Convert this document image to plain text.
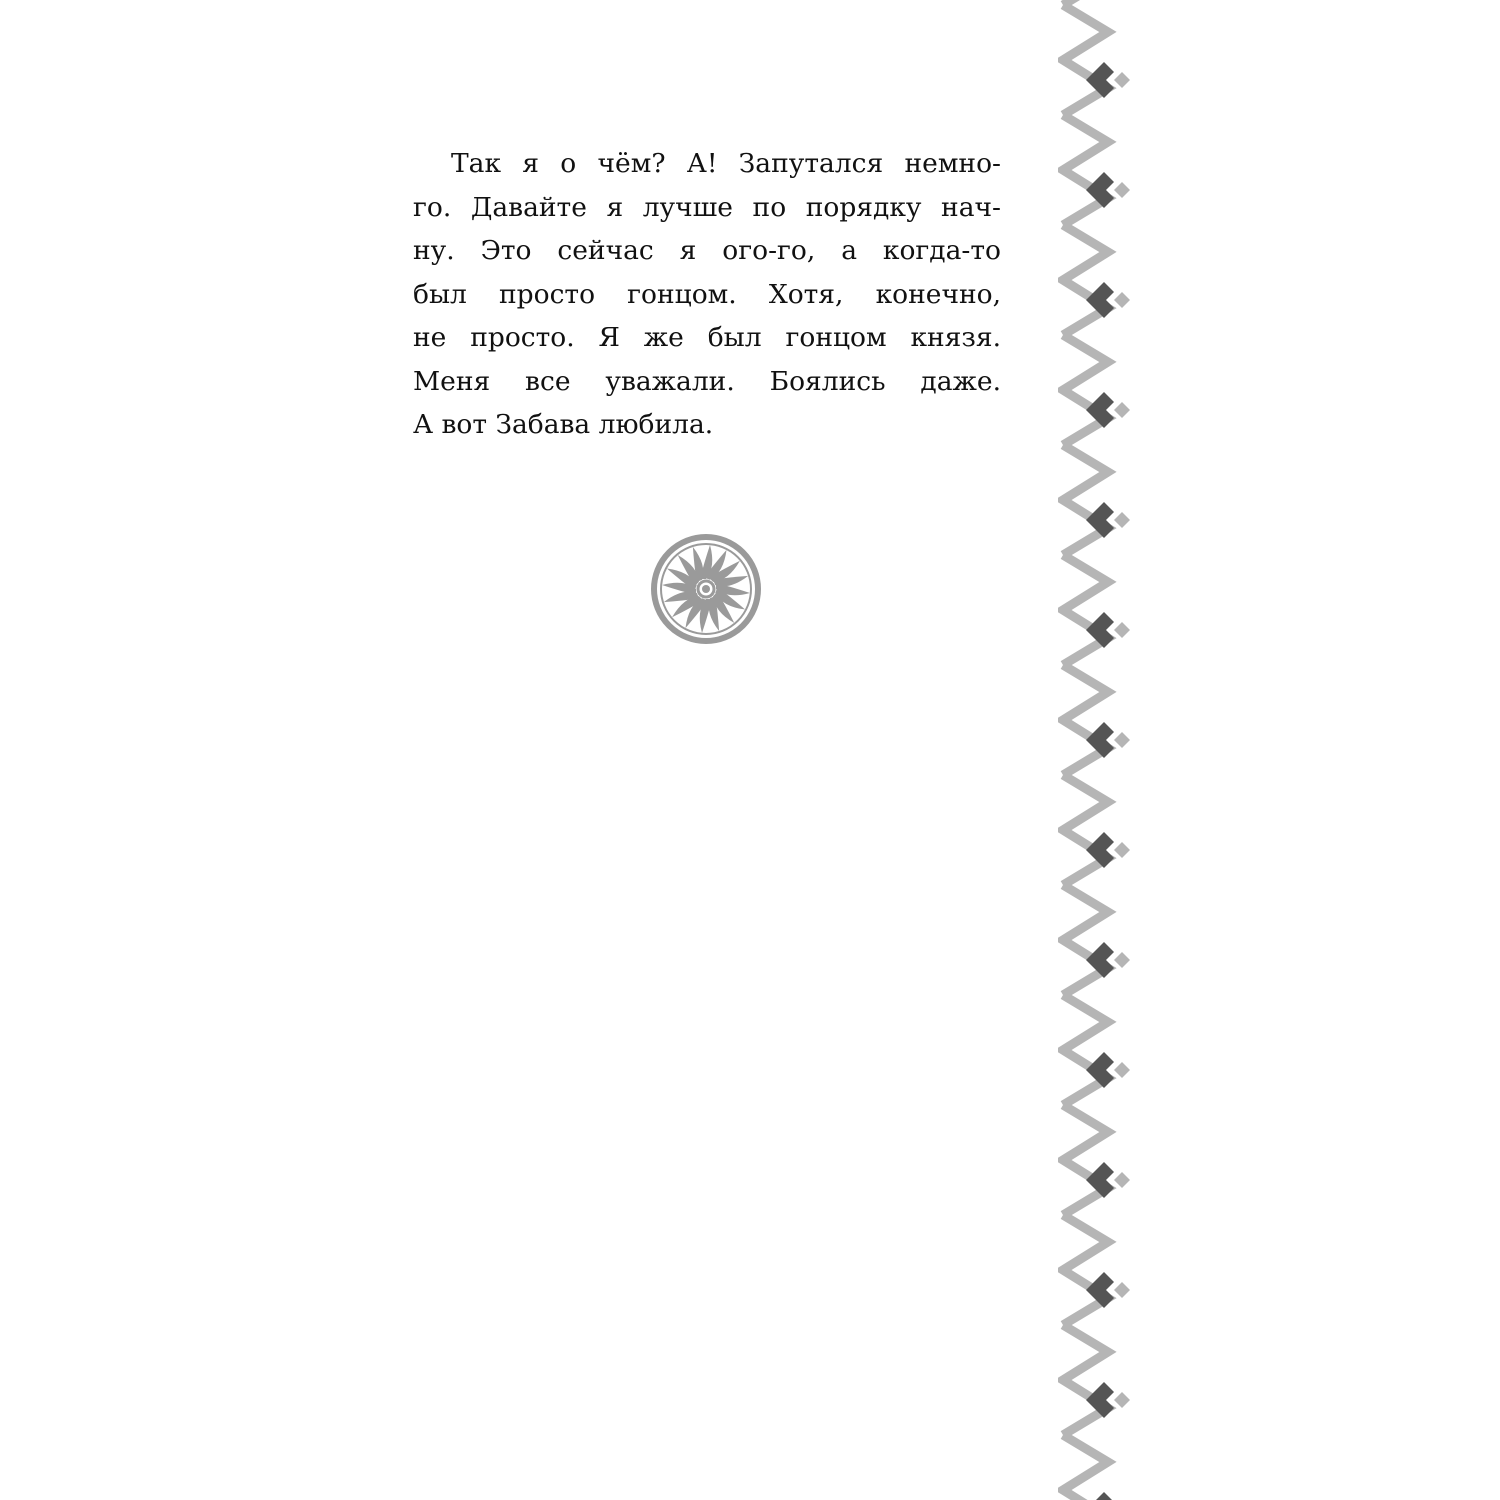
Так я о чём? А! Запутался немно-
го. Давайте я лучше по порядку нач-
ну. Это сейчас я ого-го, а когда-то
был просто гонцом. Хотя, конечно,
не просто. Я же был гонцом князя.
Меня все уважали. Боялись даже.
А вот Забава любила.
